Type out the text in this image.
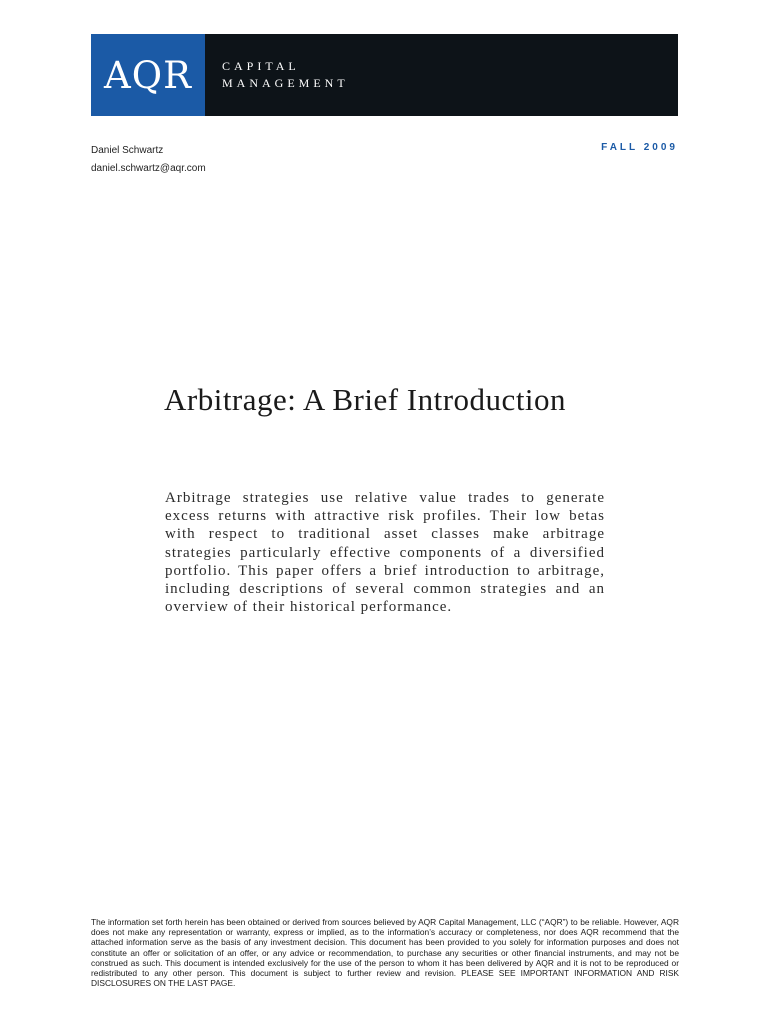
AQR	CAPITAL
MANAGEMENT
Daniel Schwartz
daniel.schwartz@aqr.com
FALL 2009
Arbitrage: A Brief Introduction

Arbitrage strategies use relative value trades to generate excess returns with attractive risk profiles. Their low betas with respect to traditional asset classes make arbitrage strategies particularly effective components of a diversified portfolio. This paper offers a brief introduction to arbitrage, including descriptions of several common strategies and an overview of their historical performance.

The information set forth herein has been obtained or derived from sources believed by AQR Capital Management, LLC (“AQR”) to be reliable. However, AQR does not make any representation or warranty, express or implied, as to the information’s accuracy or completeness, nor does AQR recommend that the attached information serve as the basis of any investment decision. This document has been provided to you solely for information purposes and does not constitute an offer or solicitation of an offer, or any advice or recommendation, to purchase any securities or other financial instruments, and may not be construed as such. This document is intended exclusively for the use of the person to whom it has been delivered by AQR and it is not to be reproduced or redistributed to any other person. This document is subject to further review and revision. PLEASE SEE IMPORTANT INFORMATION AND RISK DISCLOSURES ON THE LAST PAGE.
